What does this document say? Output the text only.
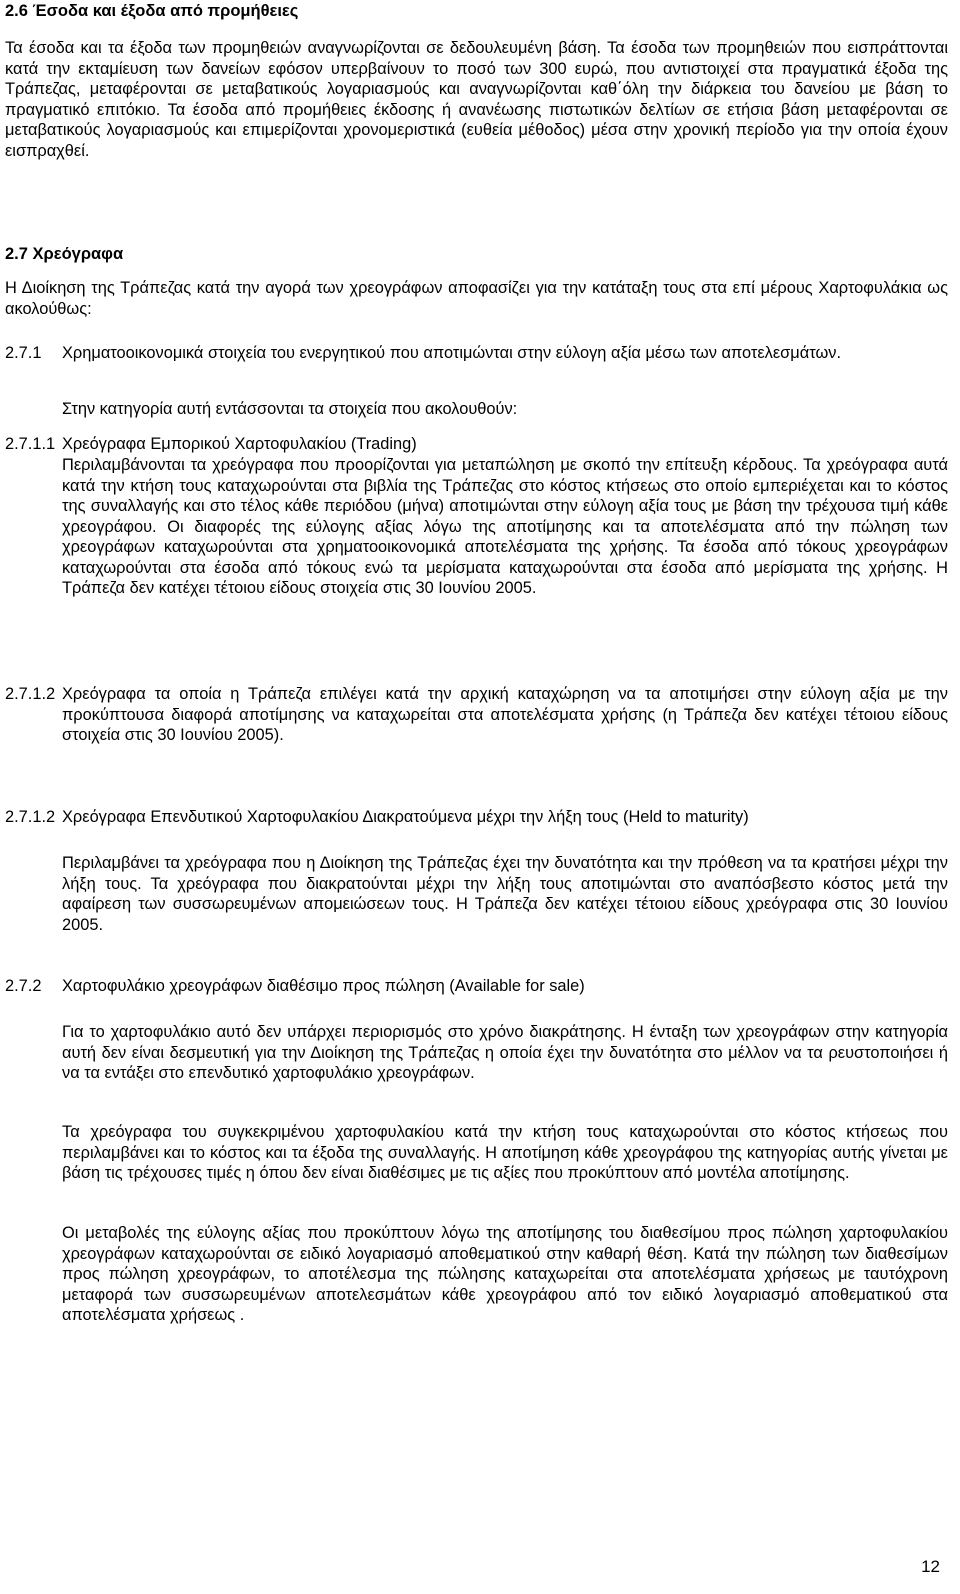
2.6 Έσοδα και έξοδα από προμήθειες
Τα έσοδα και τα έξοδα των προμηθειών αναγνωρίζονται σε δεδουλευμένη βάση. Τα έσοδα των προμηθειών που εισπράττονται κατά την εκταμίευση των δανείων εφόσον υπερβαίνουν το ποσό των 300 ευρώ, που αντιστοιχεί στα πραγματικά έξοδα της Τράπεζας, μεταφέρονται σε μεταβατικούς λογαριασμούς και αναγνωρίζονται καθ΄όλη την διάρκεια του δανείου με βάση το πραγματικό επιτόκιο. Τα έσοδα από προμήθειες έκδοσης ή ανανέωσης πιστωτικών δελτίων σε ετήσια βάση μεταφέρονται σε μεταβατικούς λογαριασμούς και επιμερίζονται χρονομεριστικά (ευθεία μέθοδος) μέσα στην χρονική περίοδο για την οποία έχουν εισπραχθεί.
2.7 Χρεόγραφα
Η Διοίκηση της Τράπεζας κατά την αγορά των χρεογράφων αποφασίζει για την κατάταξη τους στα επί μέρους Χαρτοφυλάκια ως ακολούθως:
2.7.1 Χρηματοοικονομικά στοιχεία του ενεργητικού που αποτιμώνται στην εύλογη αξία μέσω των αποτελεσμάτων.
Στην κατηγορία αυτή εντάσσονται τα στοιχεία που ακολουθούν:
2.7.1.1 Χρεόγραφα Εμπορικού Χαρτοφυλακίου (Trading)
Περιλαμβάνονται τα χρεόγραφα που προορίζονται για μεταπώληση με σκοπό την επίτευξη κέρδους. Τα χρεόγραφα αυτά κατά την κτήση τους καταχωρούνται στα βιβλία της Τράπεζας στο κόστος κτήσεως στο οποίο εμπεριέχεται και το κόστος της συναλλαγής και στο τέλος κάθε περιόδου (μήνα) αποτιμώνται στην εύλογη αξία τους με βάση την τρέχουσα τιμή κάθε χρεογράφου. Οι διαφορές της εύλογης αξίας λόγω της αποτίμησης και τα αποτελέσματα από την πώληση των χρεογράφων καταχωρούνται στα χρηματοοικονομικά αποτελέσματα της χρήσης. Τα έσοδα από τόκους χρεογράφων καταχωρούνται στα έσοδα από τόκους ενώ τα μερίσματα καταχωρούνται στα έσοδα από μερίσματα της χρήσης. Η Τράπεζα δεν κατέχει τέτοιου είδους στοιχεία στις 30 Ιουνίου 2005.
2.7.1.2 Χρεόγραφα τα οποία η Τράπεζα επιλέγει κατά την αρχική καταχώρηση να τα αποτιμήσει στην εύλογη αξία με την προκύπτουσα διαφορά αποτίμησης να καταχωρείται στα αποτελέσματα χρήσης (η Τράπεζα δεν κατέχει τέτοιου είδους στοιχεία στις 30 Ιουνίου 2005).
2.7.1.2 Χρεόγραφα Επενδυτικού Χαρτοφυλακίου Διακρατούμενα μέχρι την λήξη τους (Held to maturity)
Περιλαμβάνει τα χρεόγραφα που η Διοίκηση της Τράπεζας έχει την δυνατότητα και την πρόθεση να τα κρατήσει μέχρι την λήξη τους. Τα χρεόγραφα που διακρατούνται μέχρι την λήξη τους αποτιμώνται στο αναπόσβεστο κόστος μετά την αφαίρεση των συσσωρευμένων απομειώσεων τους. Η Τράπεζα δεν κατέχει τέτοιου είδους χρεόγραφα στις 30 Ιουνίου 2005.
2.7.2 Χαρτοφυλάκιο χρεογράφων διαθέσιμο προς πώληση (Available for sale)
Για το χαρτοφυλάκιο αυτό δεν υπάρχει περιορισμός στο χρόνο διακράτησης. Η ένταξη των χρεογράφων στην κατηγορία αυτή δεν είναι δεσμευτική για την Διοίκηση της Τράπεζας η οποία έχει την δυνατότητα στο μέλλον να τα ρευστοποιήσει ή να τα εντάξει στο επενδυτικό χαρτοφυλάκιο χρεογράφων.
Τα χρεόγραφα του συγκεκριμένου χαρτοφυλακίου κατά την κτήση τους καταχωρούνται στο κόστος κτήσεως που περιλαμβάνει και το κόστος και τα έξοδα της συναλλαγής. Η αποτίμηση κάθε χρεογράφου της κατηγορίας αυτής γίνεται με βάση τις τρέχουσες τιμές η όπου δεν είναι διαθέσιμες με τις αξίες που προκύπτουν από μοντέλα αποτίμησης.
Οι μεταβολές της εύλογης αξίας που προκύπτουν λόγω της αποτίμησης του διαθεσίμου προς πώληση χαρτοφυλακίου χρεογράφων καταχωρούνται σε ειδικό λογαριασμό αποθεματικού στην καθαρή θέση. Κατά την πώληση των διαθεσίμων προς πώληση χρεογράφων, το αποτέλεσμα της πώλησης καταχωρείται στα αποτελέσματα χρήσεως με ταυτόχρονη μεταφορά των συσσωρευμένων αποτελεσμάτων κάθε χρεογράφου από τον ειδικό λογαριασμό αποθεματικού στα αποτελέσματα χρήσεως .
12
